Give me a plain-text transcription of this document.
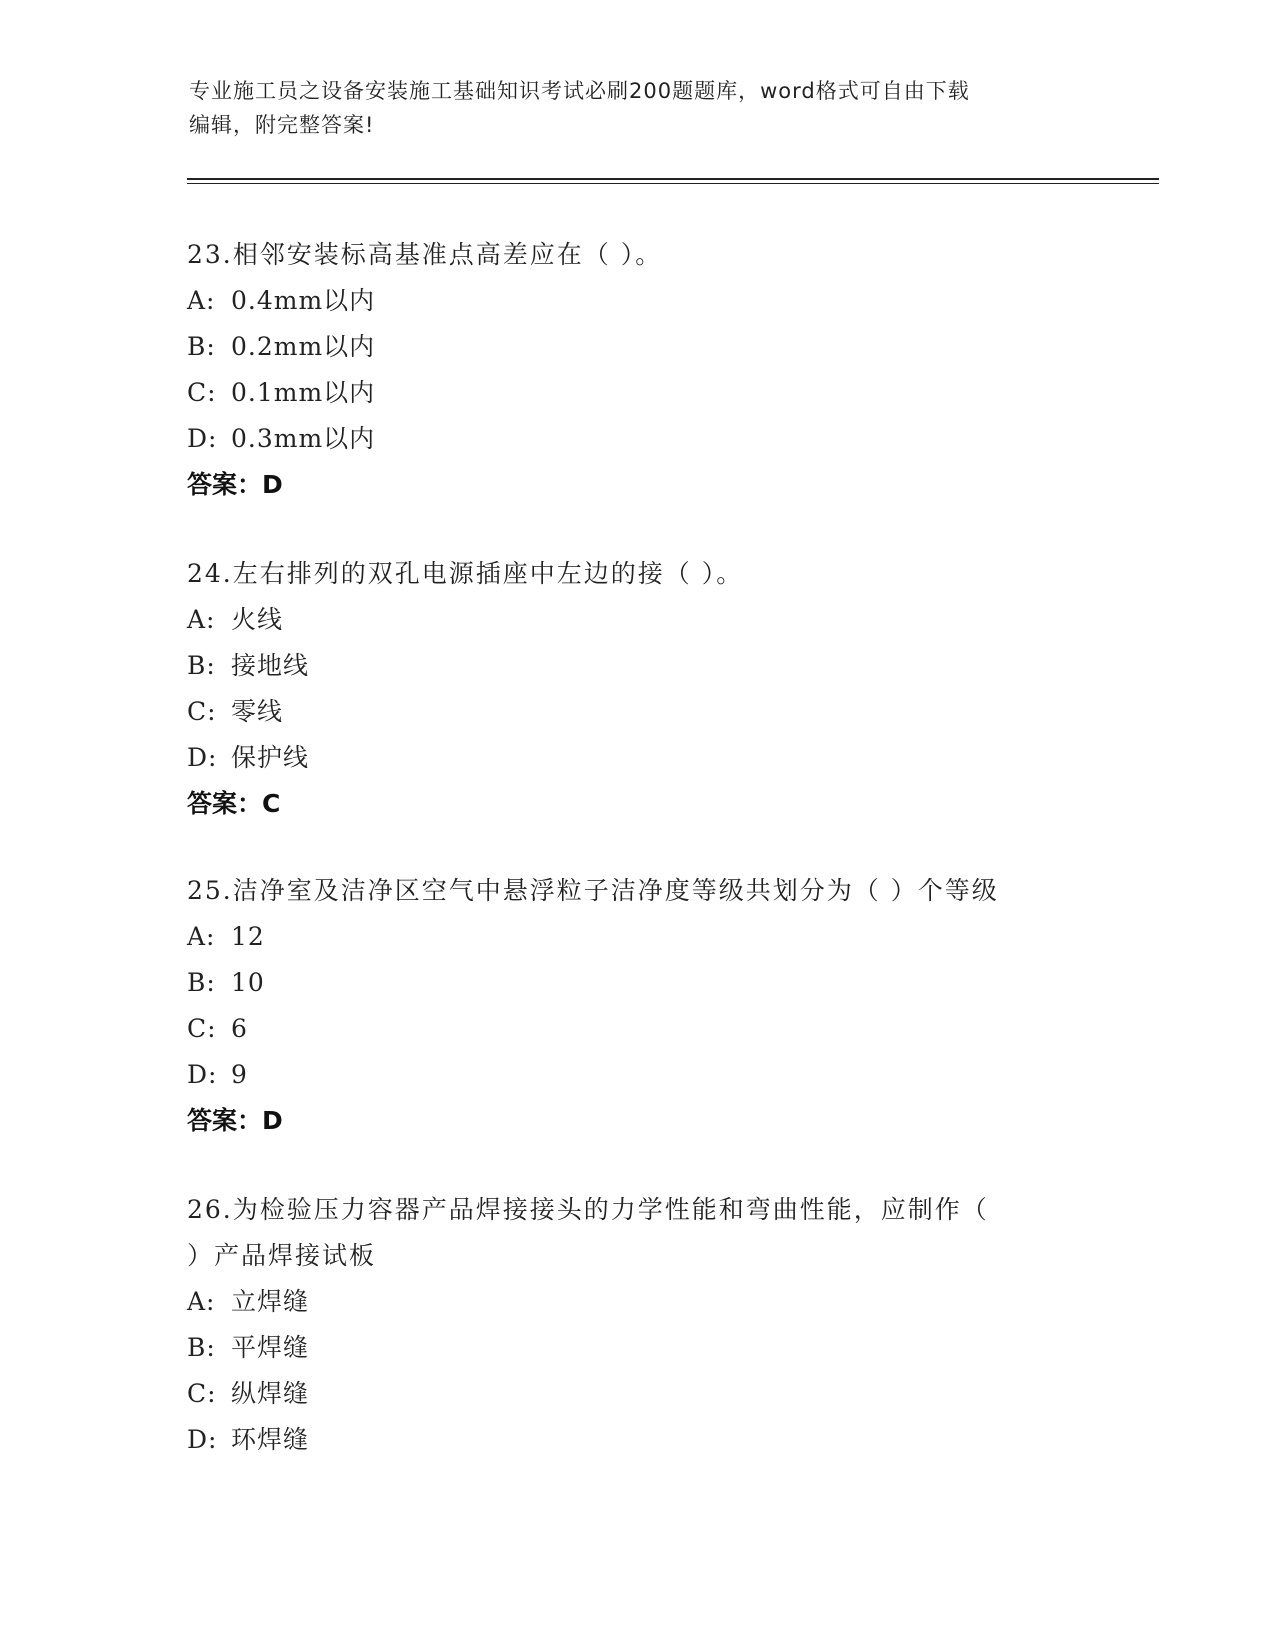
专业施工员之设备安装施工基础知识考试必刷200题题库，word格式可自由下载
编辑，附完整答案!

23.相邻安装标高基准点高差应在（ ）。

A: 0.4mm以内

B: 0.2mm以内

C: 0.1mm以内

D: 0.3mm以内

答案：D

24.左右排列的双孔电源插座中左边的接（ ）。

A: 火线

B: 接地线

C: 零线

D: 保护线

答案：C

25.洁净室及洁净区空气中悬浮粒子洁净度等级共划分为（ ）个等级

A: 12

B: 10

C: 6

D: 9

答案：D

26.为检验压力容器产品焊接接头的力学性能和弯曲性能，应制作（

）产品焊接试板

A: 立焊缝

B: 平焊缝

C: 纵焊缝

D: 环焊缝
